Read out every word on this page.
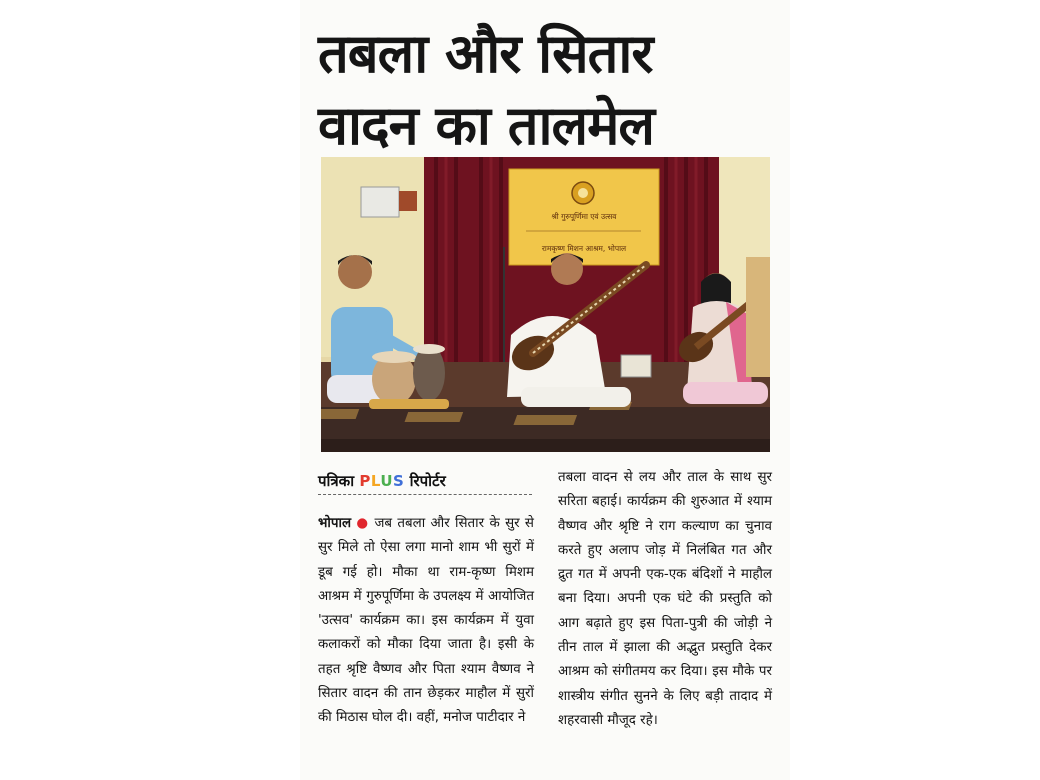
तबला और सितार
वादन का तालमेल
श्री गुरुपूर्णिमा एवं उत्सव
रामकृष्ण मिशन आश्रम, भोपाल
पत्रिका PLUS रिपोर्टर

भोपाल ● जब तबला और सितार के सुर से सुर मिले तो ऐसा लगा मानो शाम भी सुरों में डूब गई हो। मौका था राम-कृष्ण मिशम आश्रम में गुरुपूर्णिमा के उपलक्ष्य में आयोजित 'उत्सव' कार्यक्रम का। इस कार्यक्रम में युवा कलाकरों को मौका दिया जाता है। इसी के तहत श्रृष्टि वैष्णव और पिता श्याम वैष्णव ने सितार वादन की तान छेड़कर माहौल में सुरों की मिठास घोल दी। वहीं, मनोज पाटीदार ने

तबला वादन से लय और ताल के साथ सुर सरिता बहाई। कार्यक्रम की शुरुआत में श्याम वैष्णव और श्रृष्टि ने राग कल्याण का चुनाव करते हुए अलाप जोड़ में निलंबित गत और द्रुत गत में अपनी एक-एक बंदिशों ने माहौल बना दिया। अपनी एक घंटे की प्रस्तुति को आग बढ़ाते हुए इस पिता-पुत्री की जोड़ी ने तीन ताल में झाला की अद्भुत प्रस्तुति देकर आश्रम को संगीतमय कर दिया। इस मौके पर शास्त्रीय संगीत सुनने के लिए बड़ी तादाद में शहरवासी मौजूद रहे।
